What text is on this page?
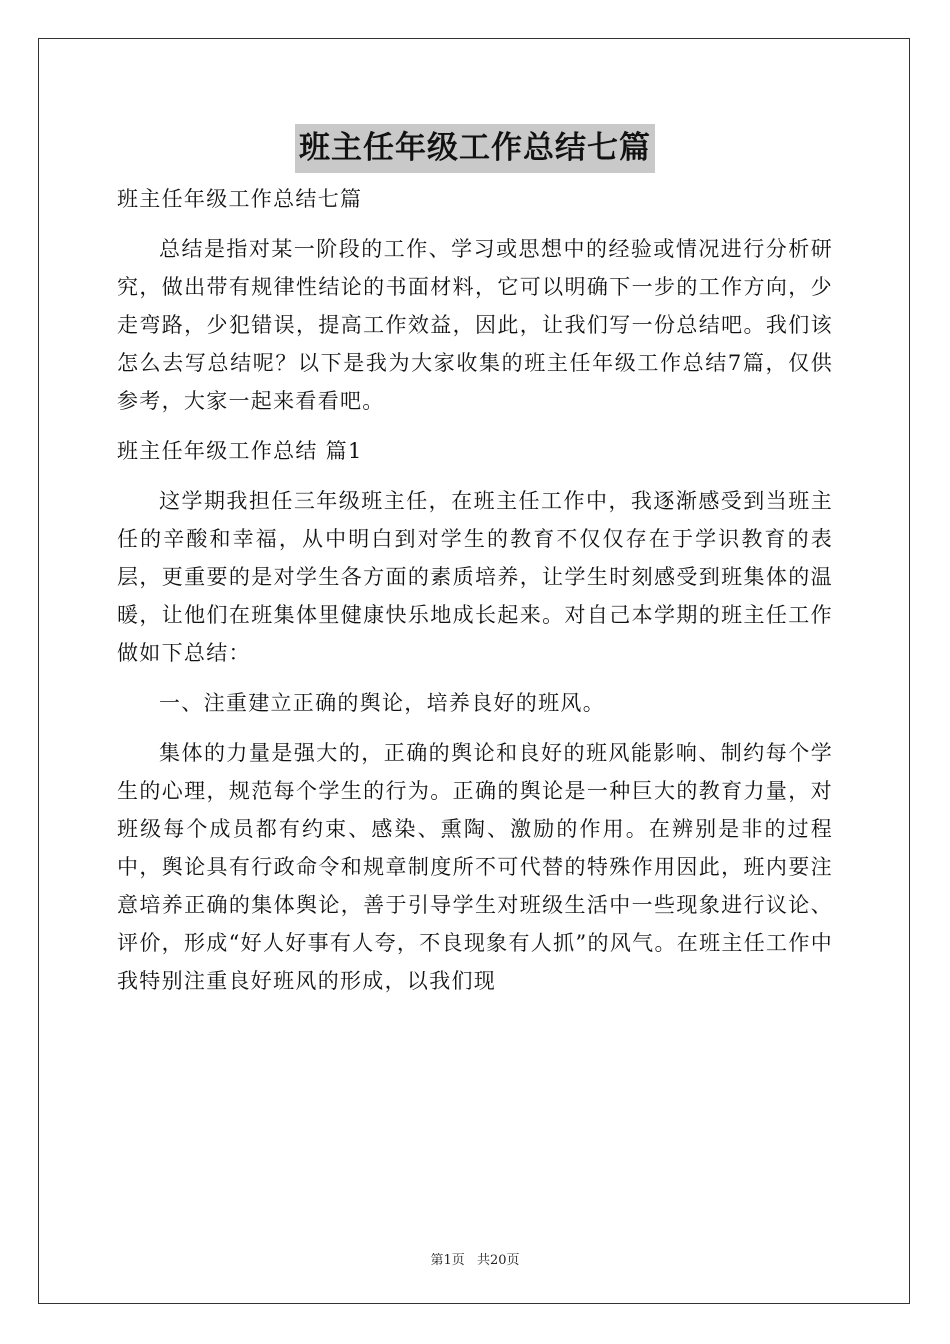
班主任年级工作总结七篇

班主任年级工作总结七篇

总结是指对某一阶段的工作、学习或思想中的经验或情况进行分析研究，做出带有规律性结论的书面材料，它可以明确下一步的工作方向，少走弯路，少犯错误，提高工作效益，因此，让我们写一份总结吧。我们该怎么去写总结呢？以下是我为大家收集的班主任年级工作总结7篇，仅供参考，大家一起来看看吧。

班主任年级工作总结 篇1

这学期我担任三年级班主任，在班主任工作中，我逐渐感受到当班主任的辛酸和幸福，从中明白到对学生的教育不仅仅存在于学识教育的表层，更重要的是对学生各方面的素质培养，让学生时刻感受到班集体的温暖，让他们在班集体里健康快乐地成长起来。对自己本学期的班主任工作做如下总结：

一、注重建立正确的舆论，培养良好的班风。

集体的力量是强大的，正确的舆论和良好的班风能影响、制约每个学生的心理，规范每个学生的行为。正确的舆论是一种巨大的教育力量，对班级每个成员都有约束、感染、熏陶、激励的作用。在辨别是非的过程中，舆论具有行政命令和规章制度所不可代替的特殊作用因此，班内要注意培养正确的集体舆论，善于引导学生对班级生活中一些现象进行议论、评价，形成“好人好事有人夸，不良现象有人抓”的风气。在班主任工作中我特别注重良好班风的形成，以我们现

第1页 共20页
